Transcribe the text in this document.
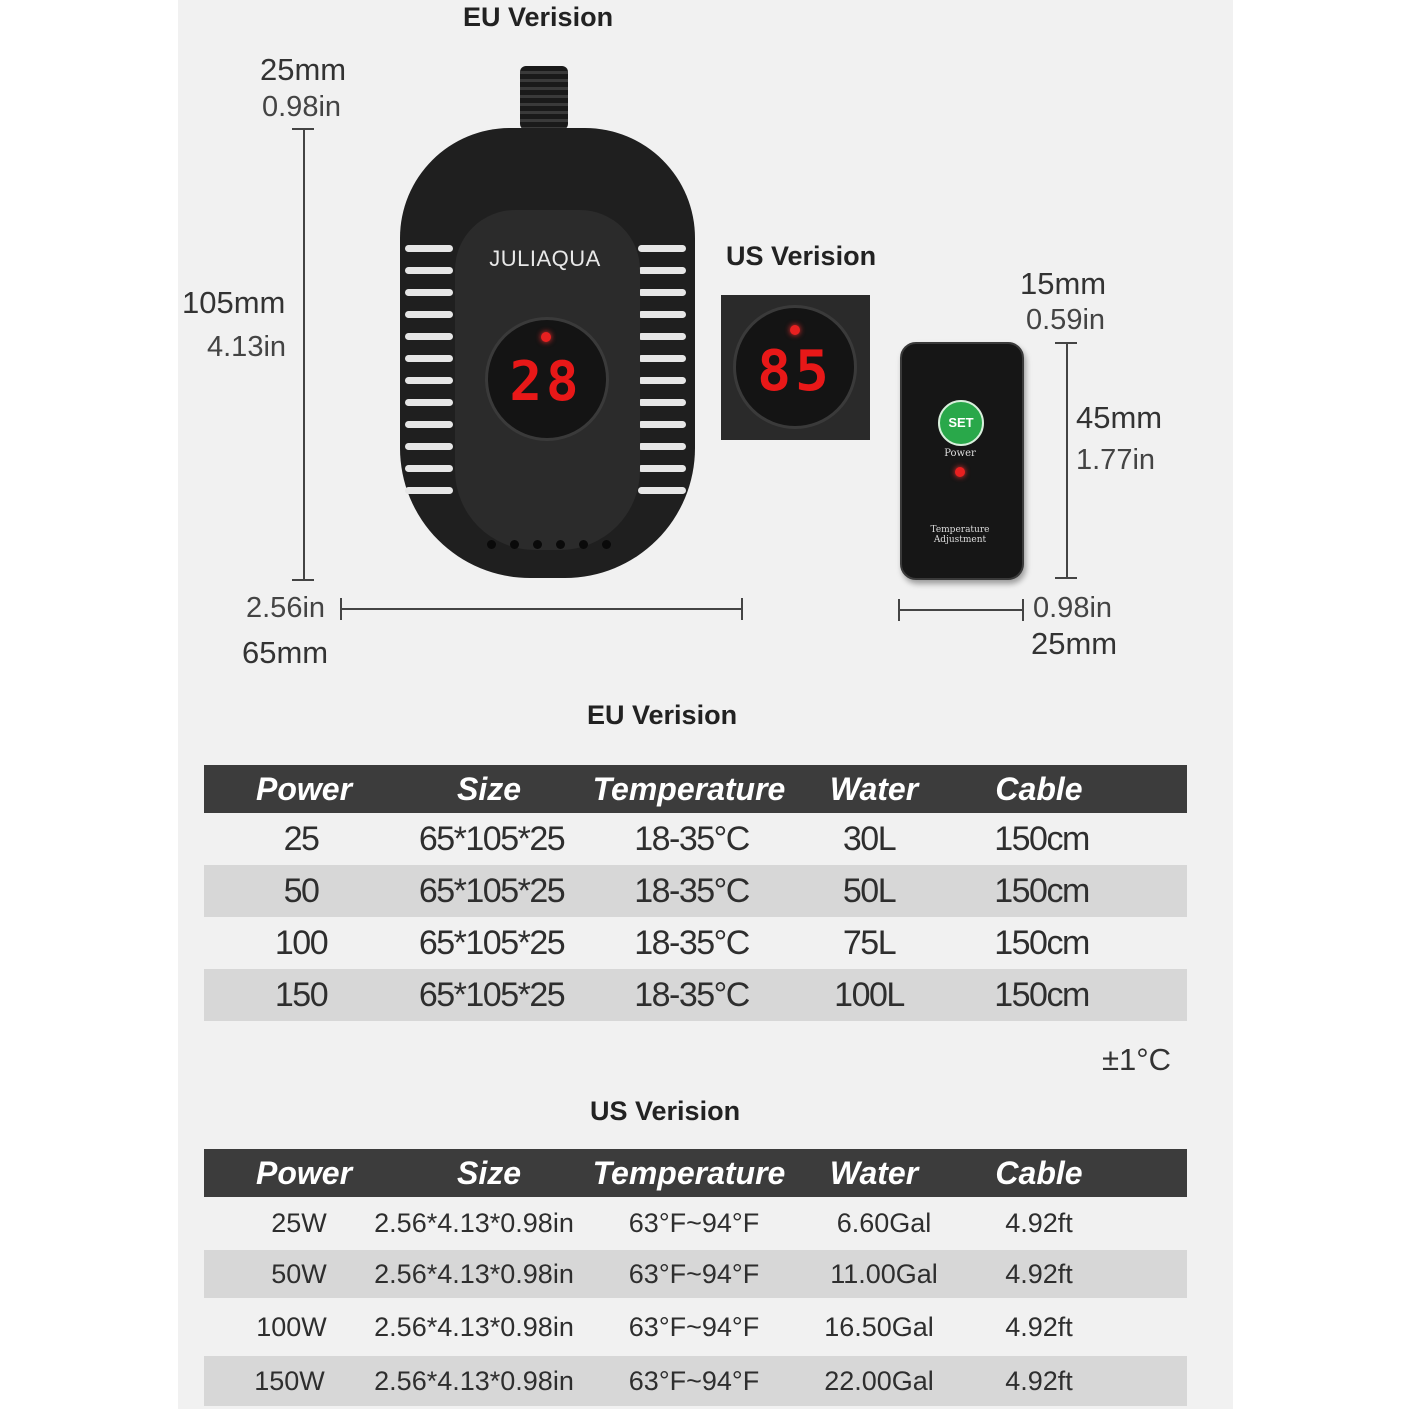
EU Verision
US Verision
JULIAQUA
28	85
SET
Power
Temperature
Adjustment
25mm
0.98in
105mm
4.13in
2.56in
65mm
15mm
0.59in
45mm
1.77in
0.98in
25mm
EU Verision
Power	Size	Temperature	Water	Cable
25	65*105*25	18-35°C	30L	150cm
50	65*105*25	18-35°C	50L	150cm
100	65*105*25	18-35°C	75L	150cm
150	65*105*25	18-35°C	100L	150cm
±1°C
US Verision
Power	Size	Temperature	Water	Cable
25W	2.56*4.13*0.98in	63°F~94°F	6.60Gal	4.92ft
50W	2.56*4.13*0.98in	63°F~94°F	11.00Gal	4.92ft
100W	2.56*4.13*0.98in	63°F~94°F	16.50Gal	4.92ft
150W	2.56*4.13*0.98in	63°F~94°F	22.00Gal	4.92ft
